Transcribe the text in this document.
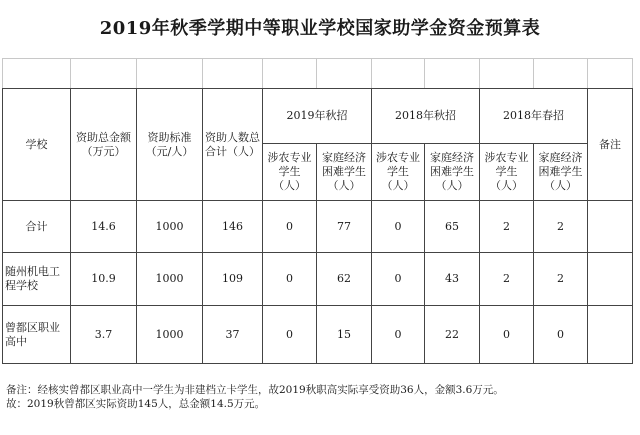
2019年秋季学期中等职业学校国家助学金资金预算表

学校	资助总金额（万元）	资助标准（元/人）	资助人数总合计（人）	2019年秋招		2018年秋招		2018年春招		备注
				涉农专业学生（人）	家庭经济困难学生（人）	涉农专业学生（人）	家庭经济困难学生（人）	涉农专业学生（人）	家庭经济困难学生（人）	
合计	14.6	1000	146	0	77	0	65	2	2	
随州机电工程学校	10.9	1000	109	0	62	0	43	2	2	
曾都区职业高中	3.7	1000	37	0	15	0	22	0	0	
备注：经核实曾都区职业高中一学生为非建档立卡学生，故2019秋职高实际享受资助36人，金额3.6万元。
故：2019秋曾都区实际资助145人，总金额14.5万元。
